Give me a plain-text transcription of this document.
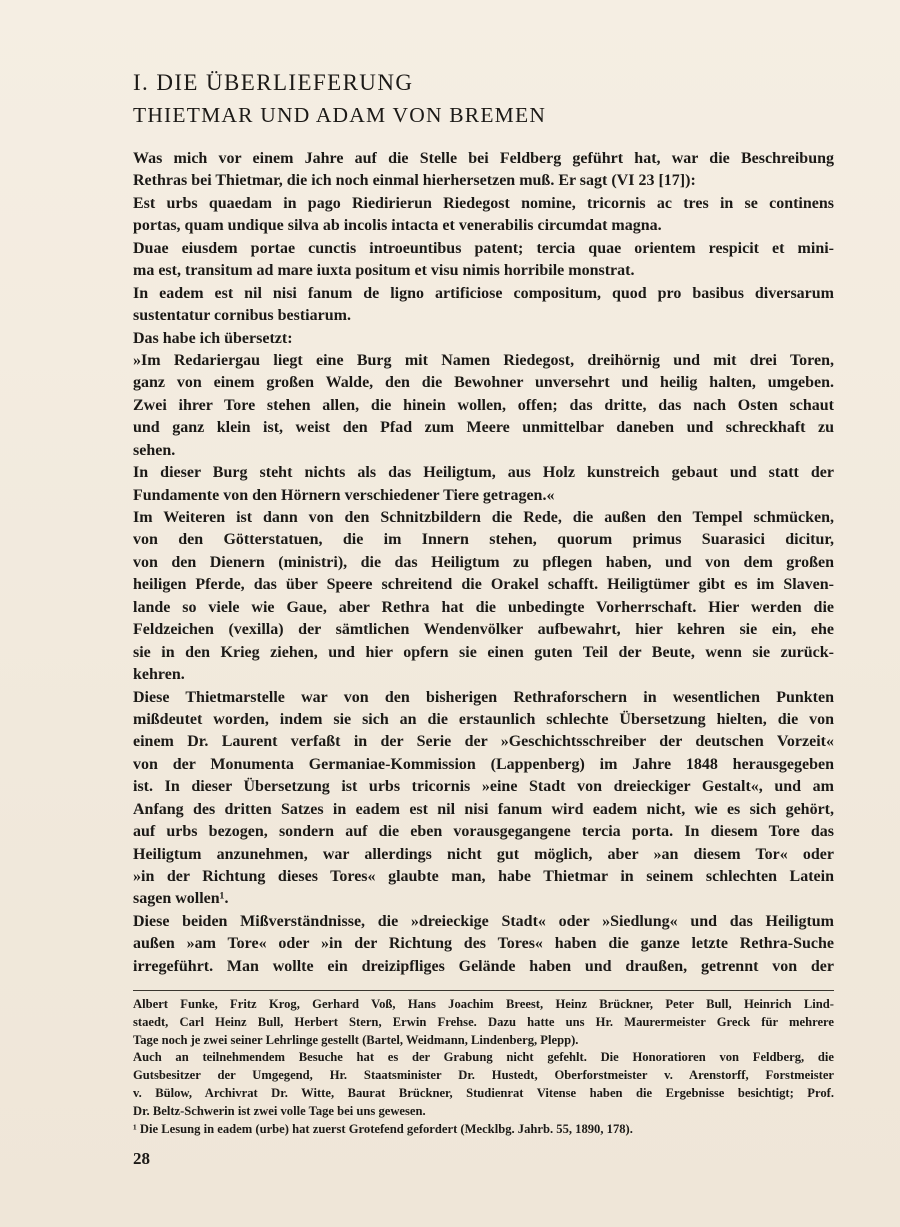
I. DIE ÜBERLIEFERUNG
THIETMAR UND ADAM VON BREMEN
Was mich vor einem Jahre auf die Stelle bei Feldberg geführt hat, war die Beschreibung
Rethras bei Thietmar, die ich noch einmal hierhersetzen muß. Er sagt (VI 23 [17]):
Est urbs quaedam in pago Riedirierun Riedegost nomine, tricornis ac tres in se continens
portas, quam undique silva ab incolis intacta et venerabilis circumdat magna.
Duae eiusdem portae cunctis introeuntibus patent; tercia quae orientem respicit et mini-
ma est, transitum ad mare iuxta positum et visu nimis horribile monstrat.
In eadem est nil nisi fanum de ligno artificiose compositum, quod pro basibus diversarum
sustentatur cornibus bestiarum.
Das habe ich übersetzt:
»Im Redariergau liegt eine Burg mit Namen Riedegost, dreihörnig und mit drei Toren,
ganz von einem großen Walde, den die Bewohner unversehrt und heilig halten, umgeben.
Zwei ihrer Tore stehen allen, die hinein wollen, offen; das dritte, das nach Osten schaut
und ganz klein ist, weist den Pfad zum Meere unmittelbar daneben und schreckhaft zu
sehen.
In dieser Burg steht nichts als das Heiligtum, aus Holz kunstreich gebaut und statt der
Fundamente von den Hörnern verschiedener Tiere getragen.«
Im Weiteren ist dann von den Schnitzbildern die Rede, die außen den Tempel schmücken,
von den Götterstatuen, die im Innern stehen, quorum primus Suarasici dicitur,
von den Dienern (ministri), die das Heiligtum zu pflegen haben, und von dem großen
heiligen Pferde, das über Speere schreitend die Orakel schafft. Heiligtümer gibt es im Slaven-
lande so viele wie Gaue, aber Rethra hat die unbedingte Vorherrschaft. Hier werden die
Feldzeichen (vexilla) der sämtlichen Wendenvölker aufbewahrt, hier kehren sie ein, ehe
sie in den Krieg ziehen, und hier opfern sie einen guten Teil der Beute, wenn sie zurück-
kehren.
Diese Thietmarstelle war von den bisherigen Rethraforschern in wesentlichen Punkten
mißdeutet worden, indem sie sich an die erstaunlich schlechte Übersetzung hielten, die von
einem Dr. Laurent verfaßt in der Serie der »Geschichtsschreiber der deutschen Vorzeit«
von der Monumenta Germaniae-Kommission (Lappenberg) im Jahre 1848 herausgegeben
ist. In dieser Übersetzung ist urbs tricornis »eine Stadt von dreieckiger Gestalt«, und am
Anfang des dritten Satzes in eadem est nil nisi fanum wird eadem nicht, wie es sich gehört,
auf urbs bezogen, sondern auf die eben vorausgegangene tercia porta. In diesem Tore das
Heiligtum anzunehmen, war allerdings nicht gut möglich, aber »an diesem Tor« oder
»in der Richtung dieses Tores« glaubte man, habe Thietmar in seinem schlechten Latein
sagen wollen¹.
Diese beiden Mißverständnisse, die »dreieckige Stadt« oder »Siedlung« und das Heiligtum
außen »am Tore« oder »in der Richtung des Tores« haben die ganze letzte Rethra-Suche
irregeführt. Man wollte ein dreizipfliges Gelände haben und draußen, getrennt von der
Albert Funke, Fritz Krog, Gerhard Voß, Hans Joachim Breest, Heinz Brückner, Peter Bull, Heinrich Lind-
staedt, Carl Heinz Bull, Herbert Stern, Erwin Frehse. Dazu hatte uns Hr. Maurermeister Greck für mehrere
Tage noch je zwei seiner Lehrlinge gestellt (Bartel, Weidmann, Lindenberg, Plepp).
Auch an teilnehmendem Besuche hat es der Grabung nicht gefehlt. Die Honoratioren von Feldberg, die
Gutsbesitzer der Umgegend, Hr. Staatsminister Dr. Hustedt, Oberforstmeister v. Arenstorff, Forstmeister
v. Bülow, Archivrat Dr. Witte, Baurat Brückner, Studienrat Vitense haben die Ergebnisse besichtigt; Prof.
Dr. Beltz-Schwerin ist zwei volle Tage bei uns gewesen.
¹ Die Lesung in eadem (urbe) hat zuerst Grotefend gefordert (Mecklbg. Jahrb. 55, 1890, 178).
28
